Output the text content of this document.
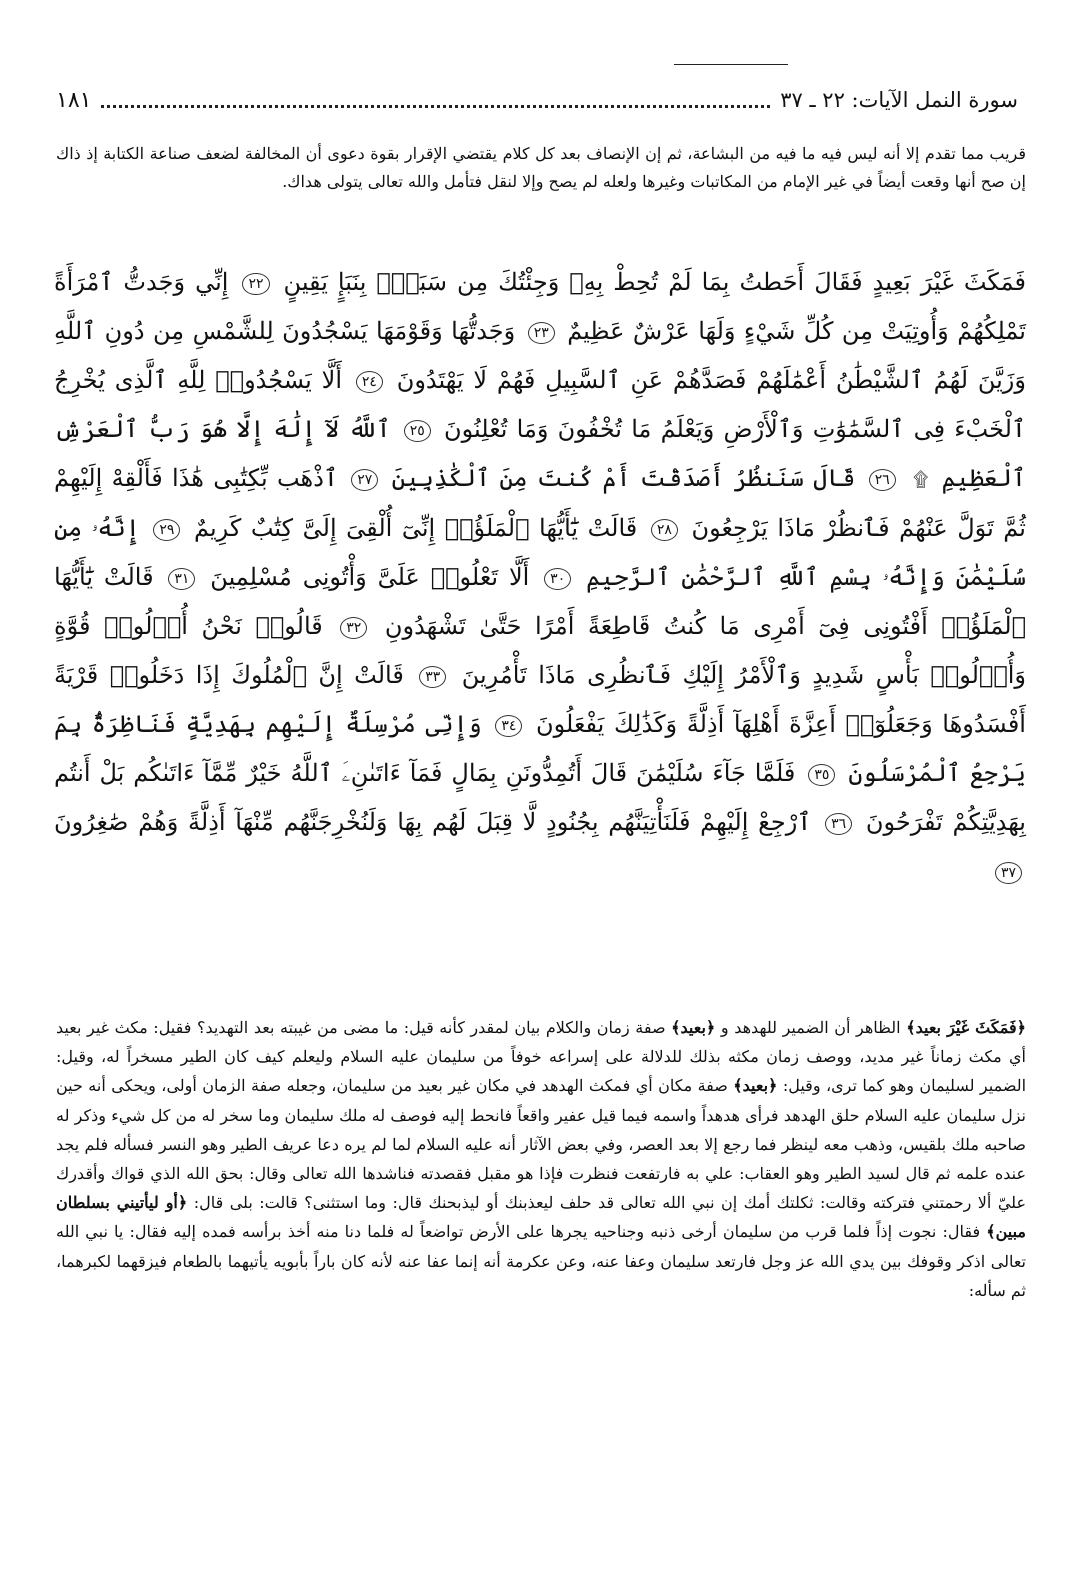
سورة النمل الآيات: ٢٢ ـ ٣٧
١٨١
قريب مما تقدم إلا أنه ليس فيه ما فيه من البشاعة، ثم إن الإنصاف بعد كل كلام يقتضي الإقرار بقوة دعوى أن المخالفة لضعف صناعة الكتابة إذ ذاك إن صح أنها وقعت أيضاً في غير الإمام من المكاتبات وغيرها ولعله لم يصح وإلا لنقل فتأمل والله تعالى يتولى هداك.
فَمَكَثَ غَيْرَ بَعِيدٍ فَقَالَ أَحَطتُ بِمَا لَمْ تُحِطْ بِهِۦ وَجِئْتُكَ مِن سَبَإٍۭ بِنَبَإٍ يَقِينٍ ٢٢ إِنِّي وَجَدتُّ ٱمْرَأَةً تَمْلِكُهُمْ وَأُوتِيَتْ مِن كُلِّ شَيْءٍ وَلَهَا عَرْشٌ عَظِيمٌ ٢٣ وَجَدتُّهَا وَقَوْمَهَا يَسْجُدُونَ لِلشَّمْسِ مِن دُونِ ٱللَّهِ وَزَيَّنَ لَهُمُ ٱلشَّيْطَٰنُ أَعْمَٰلَهُمْ فَصَدَّهُمْ عَنِ ٱلسَّبِيلِ فَهُمْ لَا يَهْتَدُونَ ٢٤ أَلَّا يَسْجُدُوا۟ لِلَّهِ ٱلَّذِى يُخْرِجُ ٱلْخَبْءَ فِى ٱلسَّمَٰوَٰتِ وَٱلْأَرْضِ وَيَعْلَمُ مَا تُخْفُونَ وَمَا تُعْلِنُونَ ٢٥ ٱللَّهُ لَآ إِلَٰهَ إِلَّا هُوَ رَبُّ ٱلْعَرْشِ ٱلْعَظِيمِ ۩ ٢٦ قَالَ سَنَنظُرُ أَصَدَقْتَ أَمْ كُنتَ مِنَ ٱلْكَٰذِبِينَ ٢٧ ٱذْهَب بِّكِتَٰبِى هَٰذَا فَأَلْقِهْ إِلَيْهِمْ ثُمَّ تَوَلَّ عَنْهُمْ فَٱنظُرْ مَاذَا يَرْجِعُونَ ٢٨ قَالَتْ يَٰٓأَيُّهَا ٱلْمَلَؤُا۟ إِنِّىٓ أُلْقِىَ إِلَىَّ كِتَٰبٌ كَرِيمٌ ٢٩ إِنَّهُۥ مِن سُلَيْمَٰنَ وَإِنَّهُۥ بِسْمِ ٱللَّهِ ٱلرَّحْمَٰنِ ٱلرَّحِيمِ ٣٠ أَلَّا تَعْلُوا۟ عَلَىَّ وَأْتُونِى مُسْلِمِينَ ٣١ قَالَتْ يَٰٓأَيُّهَا ٱلْمَلَؤُا۟ أَفْتُونِى فِىٓ أَمْرِى مَا كُنتُ قَاطِعَةً أَمْرًا حَتَّىٰ تَشْهَدُونِ ٣٢ قَالُوا۟ نَحْنُ أُو۟لُوا۟ قُوَّةٍ وَأُو۟لُوا۟ بَأْسٍ شَدِيدٍ وَٱلْأَمْرُ إِلَيْكِ فَٱنظُرِى مَاذَا تَأْمُرِينَ ٣٣ قَالَتْ إِنَّ ٱلْمُلُوكَ إِذَا دَخَلُوا۟ قَرْيَةً أَفْسَدُوهَا وَجَعَلُوٓا۟ أَعِزَّةَ أَهْلِهَآ أَذِلَّةً وَكَذَٰلِكَ يَفْعَلُونَ ٣٤ وَإِنِّى مُرْسِلَةٌ إِلَيْهِم بِهَدِيَّةٍ فَنَاظِرَةٌۢ بِمَ يَرْجِعُ ٱلْمُرْسَلُونَ ٣٥ فَلَمَّا جَآءَ سُلَيْمَٰنَ قَالَ أَتُمِدُّونَنِ بِمَالٍ فَمَآ ءَاتَىٰنِۦَ ٱللَّهُ خَيْرٌ مِّمَّآ ءَاتَىٰكُم بَلْ أَنتُم بِهَدِيَّتِكُمْ تَفْرَحُونَ ٣٦ ٱرْجِعْ إِلَيْهِمْ فَلَنَأْتِيَنَّهُم بِجُنُودٍ لَّا قِبَلَ لَهُم بِهَا وَلَنُخْرِجَنَّهُم مِّنْهَآ أَذِلَّةً وَهُمْ صَٰغِرُونَ ٣٧
﴿فَمَكَثَ غَيْرَ بعيد﴾ الظاهر أن الضمير للهدهد و ﴿بعيد﴾ صفة زمان والكلام بيان لمقدر كأنه قيل: ما مضى من غيبته بعد التهديد؟ فقيل: مكث غير بعيد أي مكث زماناً غير مديد، ووصف زمان مكثه بذلك للدلالة على إسراعه خوفاً من سليمان عليه السلام وليعلم كيف كان الطير مسخراً له، وقيل: الضمير لسليمان وهو كما ترى، وقيل: ﴿بعيد﴾ صفة مكان أي فمكث الهدهد في مكان غير بعيد من سليمان، وجعله صفة الزمان أولى، ويحكى أنه حين نزل سليمان عليه السلام حلق الهدهد فرأى هدهداً واسمه فيما قيل عفير واقعاً فانحط إليه فوصف له ملك سليمان وما سخر له من كل شيء وذكر له صاحبه ملك بلقيس، وذهب معه لينظر فما رجع إلا بعد العصر، وفي بعض الآثار أنه عليه السلام لما لم يره دعا عريف الطير وهو النسر فسأله فلم يجد عنده علمه ثم قال لسيد الطير وهو العقاب: علي به فارتفعت فنظرت فإذا هو مقبل فقصدته فناشدها الله تعالى وقال: بحق الله الذي قواك وأقدرك عليّ ألا رحمتني فتركته وقالت: ثكلتك أمك إن نبي الله تعالى قد حلف ليعذبنك أو ليذبحنك قال: وما استثنى؟ قالت: بلى قال: ﴿أو ليأتيني بسلطان مبين﴾ فقال: نجوت إذاً فلما قرب من سليمان أرخى ذنبه وجناحيه يجرها على الأرض تواضعاً له فلما دنا منه أخذ برأسه فمده إليه فقال: يا نبي الله تعالى اذكر وقوفك بين يدي الله عز وجل فارتعد سليمان وعفا عنه، وعن عكرمة أنه إنما عفا عنه لأنه كان باراً بأبويه يأتيهما بالطعام فيزقهما لكبرهما، ثم سأله:
